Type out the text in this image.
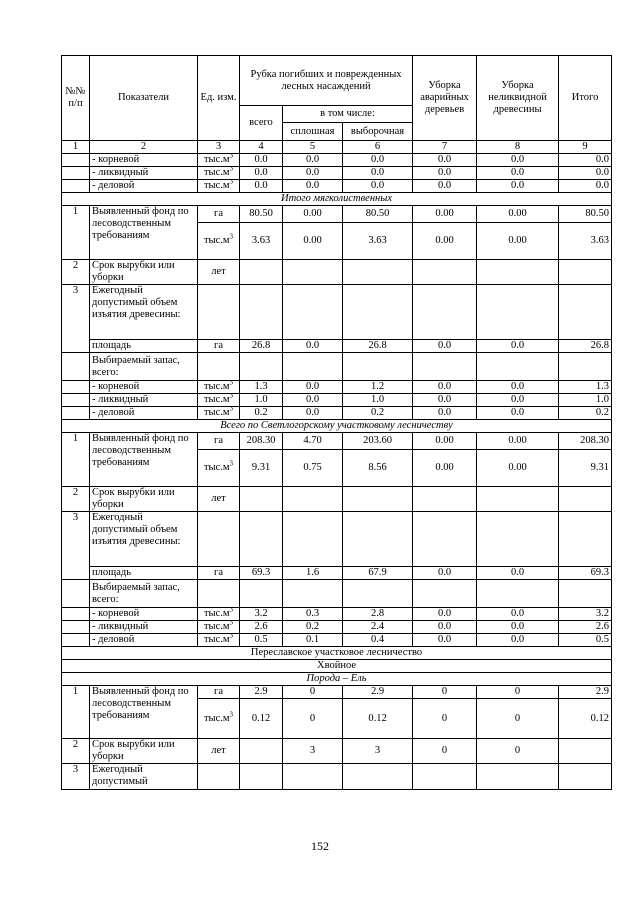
№№ п/п	Показатели	Ед. изм.	Рубка погибших и поврежденных лесных насаждений			Уборка аварийных деревьев	Уборка неликвидной древесины	Итого
			всего	в том числе:				
				сплошная	выборочная			
1	2	3	4	5	6	7	8	9
	- корневой	$тыс.м^3$	0.0	0.0	0.0	0.0	0.0	0.0
	- ликвидный	$тыс.м^3$	0.0	0.0	0.0	0.0	0.0	0.0
	- деловой	$тыс.м^3$	0.0	0.0	0.0	0.0	0.0	0.0
Итого мягколиственных								
1	Выявленный фонд по лесоводственным требованиям	га	80.50	0.00	80.50	0.00	0.00	80.50
		$тыс.м^3$	3.63	0.00	3.63	0.00	0.00	3.63
2	Срок вырубки или уборки	лет						
3	Ежегодный допустимый объем изъятия древесины:							
	площадь	га	26.8	0.0	26.8	0.0	0.0	26.8
	Выбираемый запас, всего:							
	- корневой	$тыс.м^3$	1.3	0.0	1.2	0.0	0.0	1.3
	- ликвидный	$тыс.м^3$	1.0	0.0	1.0	0.0	0.0	1.0
	- деловой	$тыс.м^3$	0.2	0.0	0.2	0.0	0.0	0.2
Всего по Светлогорскому участковому лесничеству								
1	Выявленный фонд по лесоводственным требованиям	га	208.30	4.70	203.60	0.00	0.00	208.30
		$тыс.м^3$	9.31	0.75	8.56	0.00	0.00	9.31
2	Срок вырубки или уборки	лет						
3	Ежегодный допустимый объем изъятия древесины:							
	площадь	га	69.3	1.6	67.9	0.0	0.0	69.3
	Выбираемый запас, всего:							
	- корневой	$тыс.м^3$	3.2	0.3	2.8	0.0	0.0	3.2
	- ликвидный	$тыс.м^3$	2.6	0.2	2.4	0.0	0.0	2.6
	- деловой	$тыс.м^3$	0.5	0.1	0.4	0.0	0.0	0.5
Переславское участковое лесничество								
Хвойное								
Порода – Ель								
1	Выявленный фонд по лесоводственным требованиям	га	2.9	0	2.9	0	0	2.9
		$тыс.м^3$	0.12	0	0.12	0	0	0.12
2	Срок вырубки или уборки	лет		3	3	0	0	
3	Ежегодный допустимый							
152
